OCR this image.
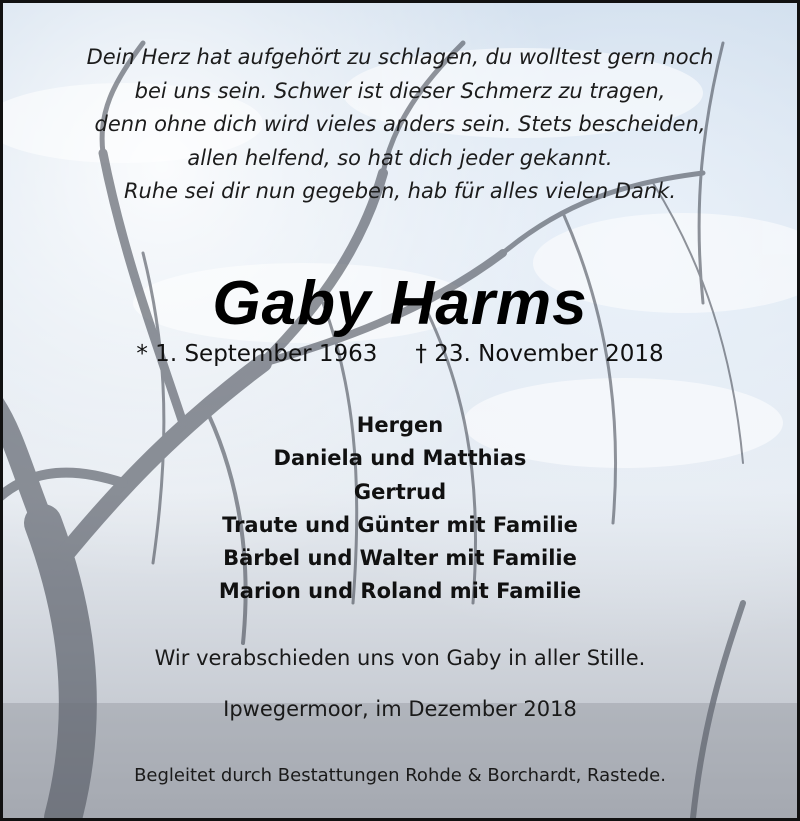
Dein Herz hat aufgehört zu schlagen, du wolltest gern noch
bei uns sein. Schwer ist dieser Schmerz zu tragen,
denn ohne dich wird vieles anders sein. Stets bescheiden,
allen helfend, so hat dich jeder gekannt.
Ruhe sei dir nun gegeben, hab für alles vielen Dank.
Gaby Harms
* 1. September 1963 † 23. November 2018
Hergen
Daniela und Matthias
Gertrud
Traute und Günter mit Familie
Bärbel und Walter mit Familie
Marion und Roland mit Familie
Wir verabschieden uns von Gaby in aller Stille.
Ipwegermoor, im Dezember 2018
Begleitet durch Bestattungen Rohde & Borchardt, Rastede.
